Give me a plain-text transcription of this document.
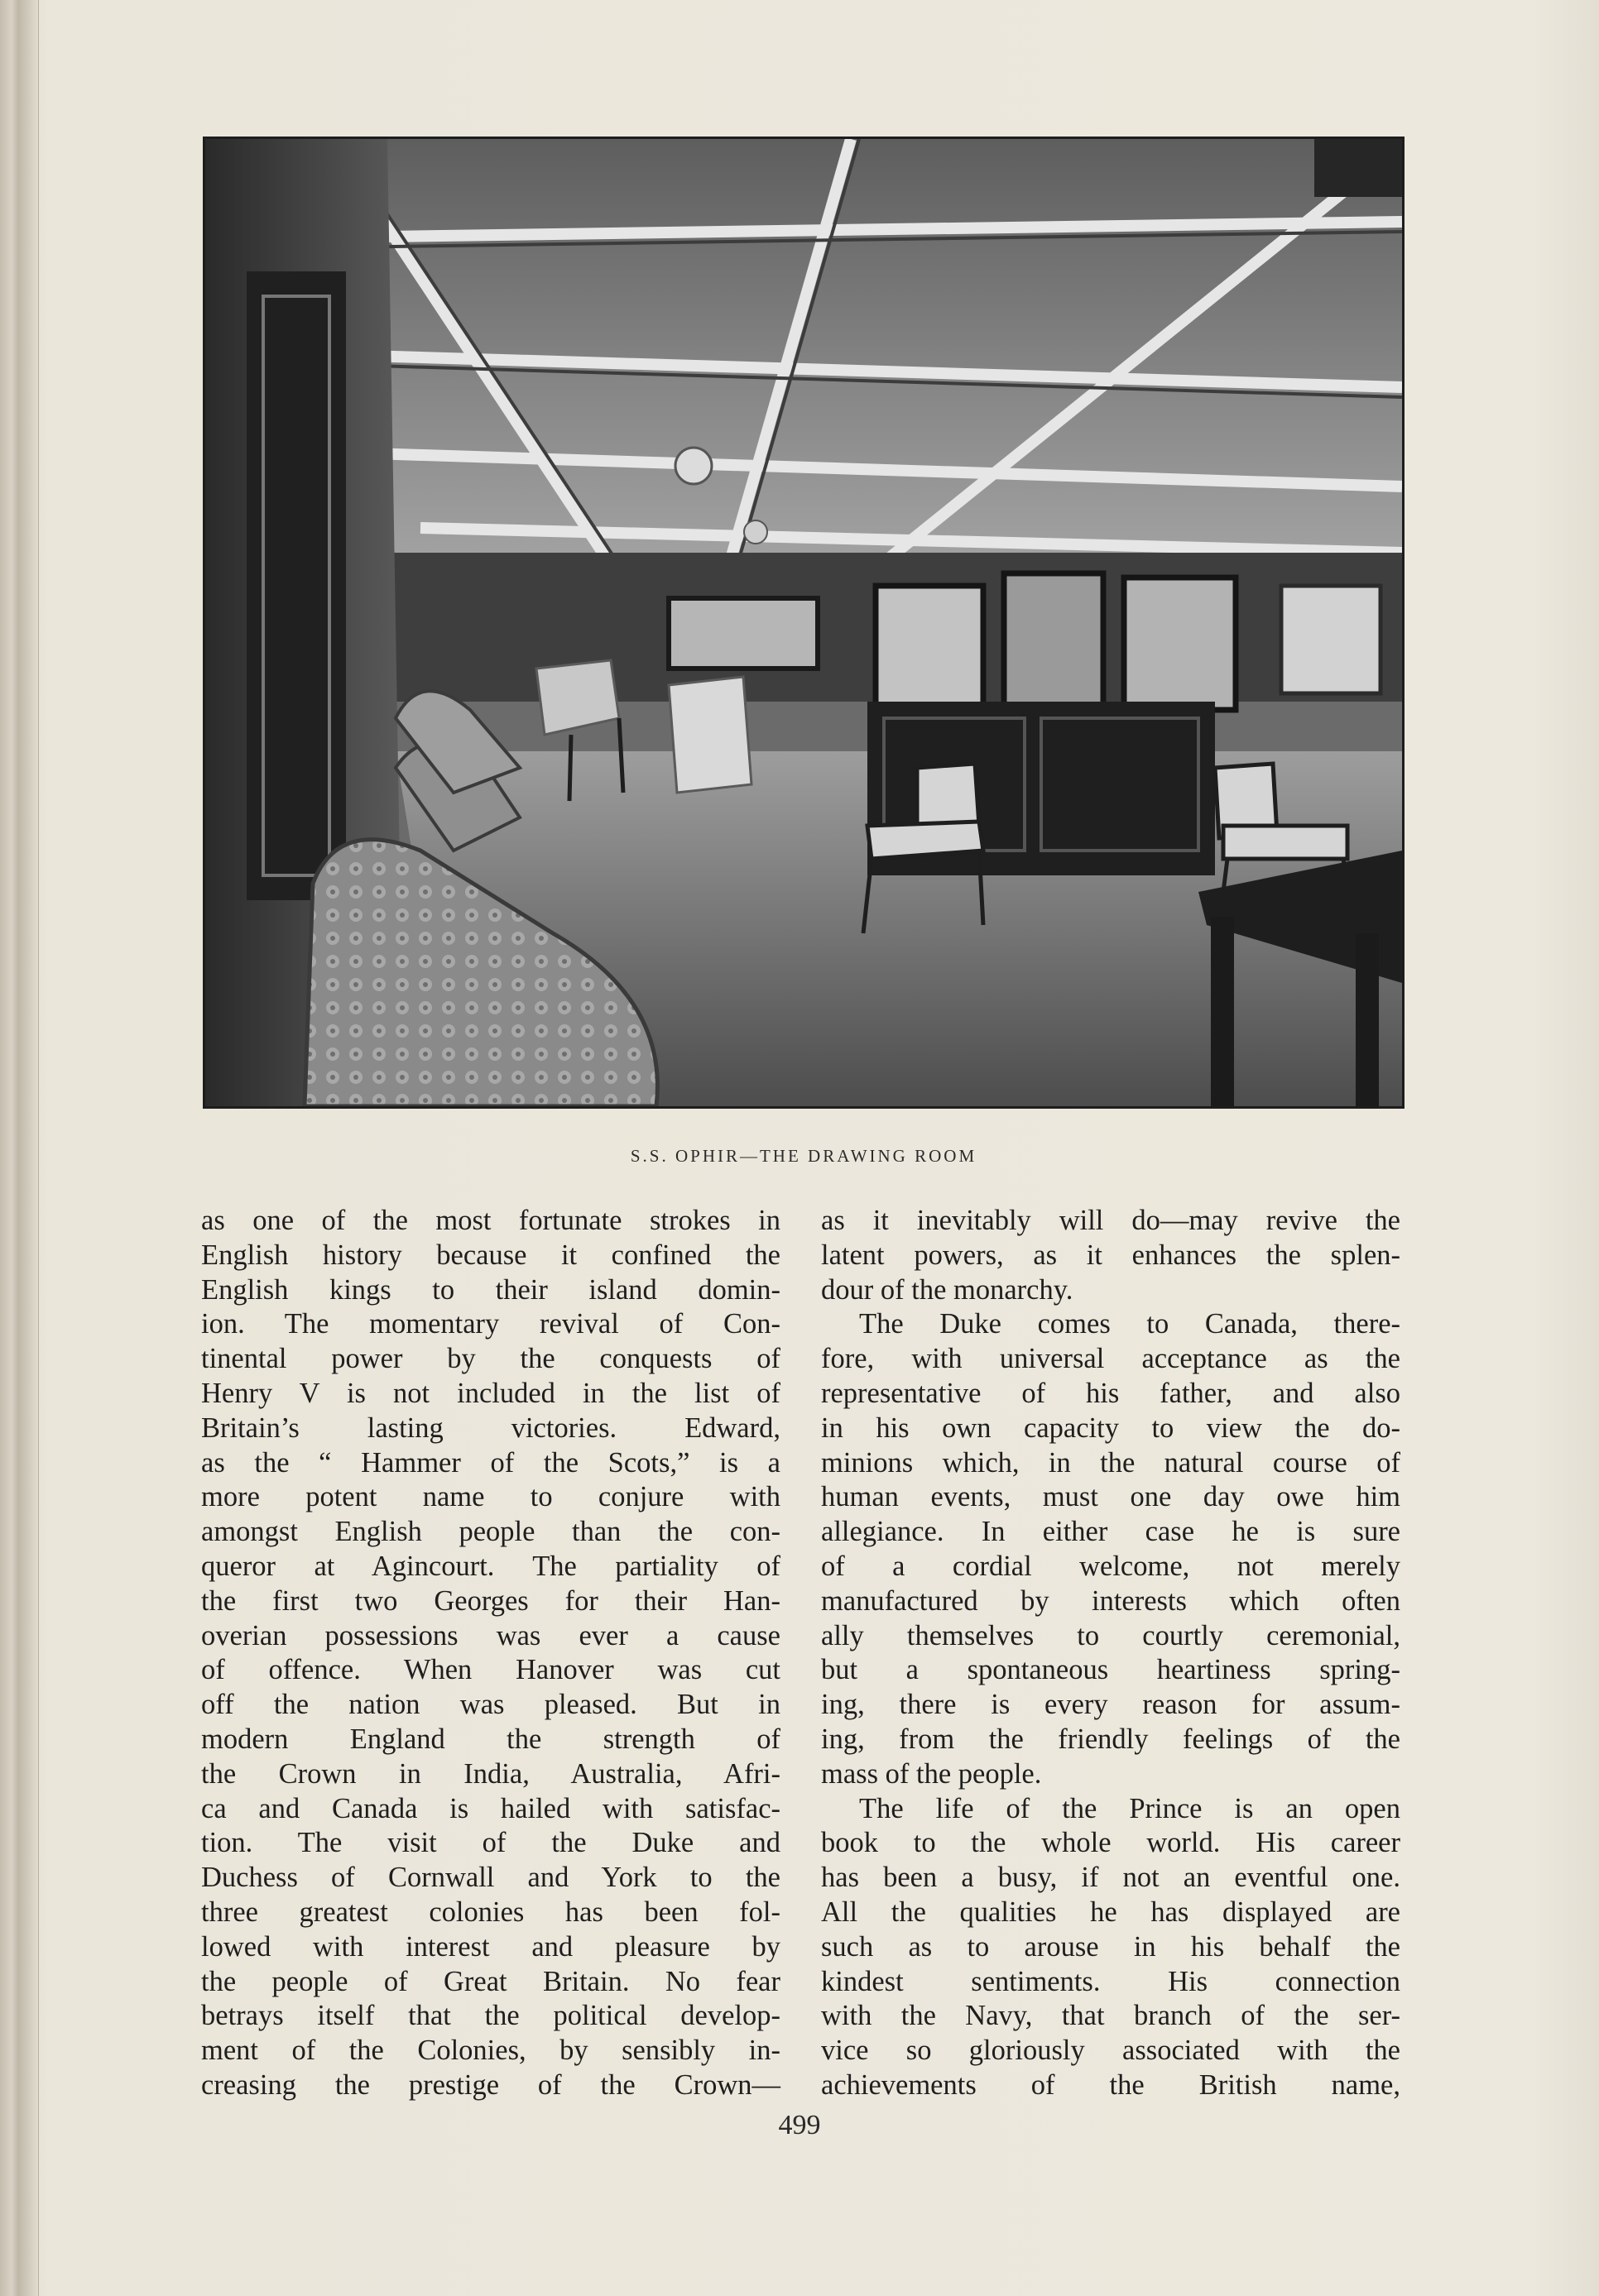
S.S. OPHIR—THE DRAWING ROOM
as one of the most fortunate strokes in
English history because it confined the
English kings to their island domin-
ion. The momentary revival of Con-
tinental power by the conquests of
Henry V is not included in the list of
Britain’s lasting victories. Edward,
as the “ Hammer of the Scots,” is a
more potent name to conjure with
amongst English people than the con-
queror at Agincourt. The partiality of
the first two Georges for their Han-
overian possessions was ever a cause
of offence. When Hanover was cut
off the nation was pleased. But in
modern England the strength of
the Crown in India, Australia, Afri-
ca and Canada is hailed with satisfac-
tion. The visit of the Duke and
Duchess of Cornwall and York to the
three greatest colonies has been fol-
lowed with interest and pleasure by
the people of Great Britain. No fear
betrays itself that the political develop-
ment of the Colonies, by sensibly in-
creasing the prestige of the Crown—
as it inevitably will do—may revive the
latent powers, as it enhances the splen-
dour of the monarchy.
The Duke comes to Canada, there-
fore, with universal acceptance as the
representative of his father, and also
in his own capacity to view the do-
minions which, in the natural course of
human events, must one day owe him
allegiance. In either case he is sure
of a cordial welcome, not merely
manufactured by interests which often
ally themselves to courtly ceremonial,
but a spontaneous heartiness spring-
ing, there is every reason for assum-
ing, from the friendly feelings of the
mass of the people.
The life of the Prince is an open
book to the whole world. His career
has been a busy, if not an eventful one.
All the qualities he has displayed are
such as to arouse in his behalf the
kindest sentiments. His connection
with the Navy, that branch of the ser-
vice so gloriously associated with the
achievements of the British name,
499
